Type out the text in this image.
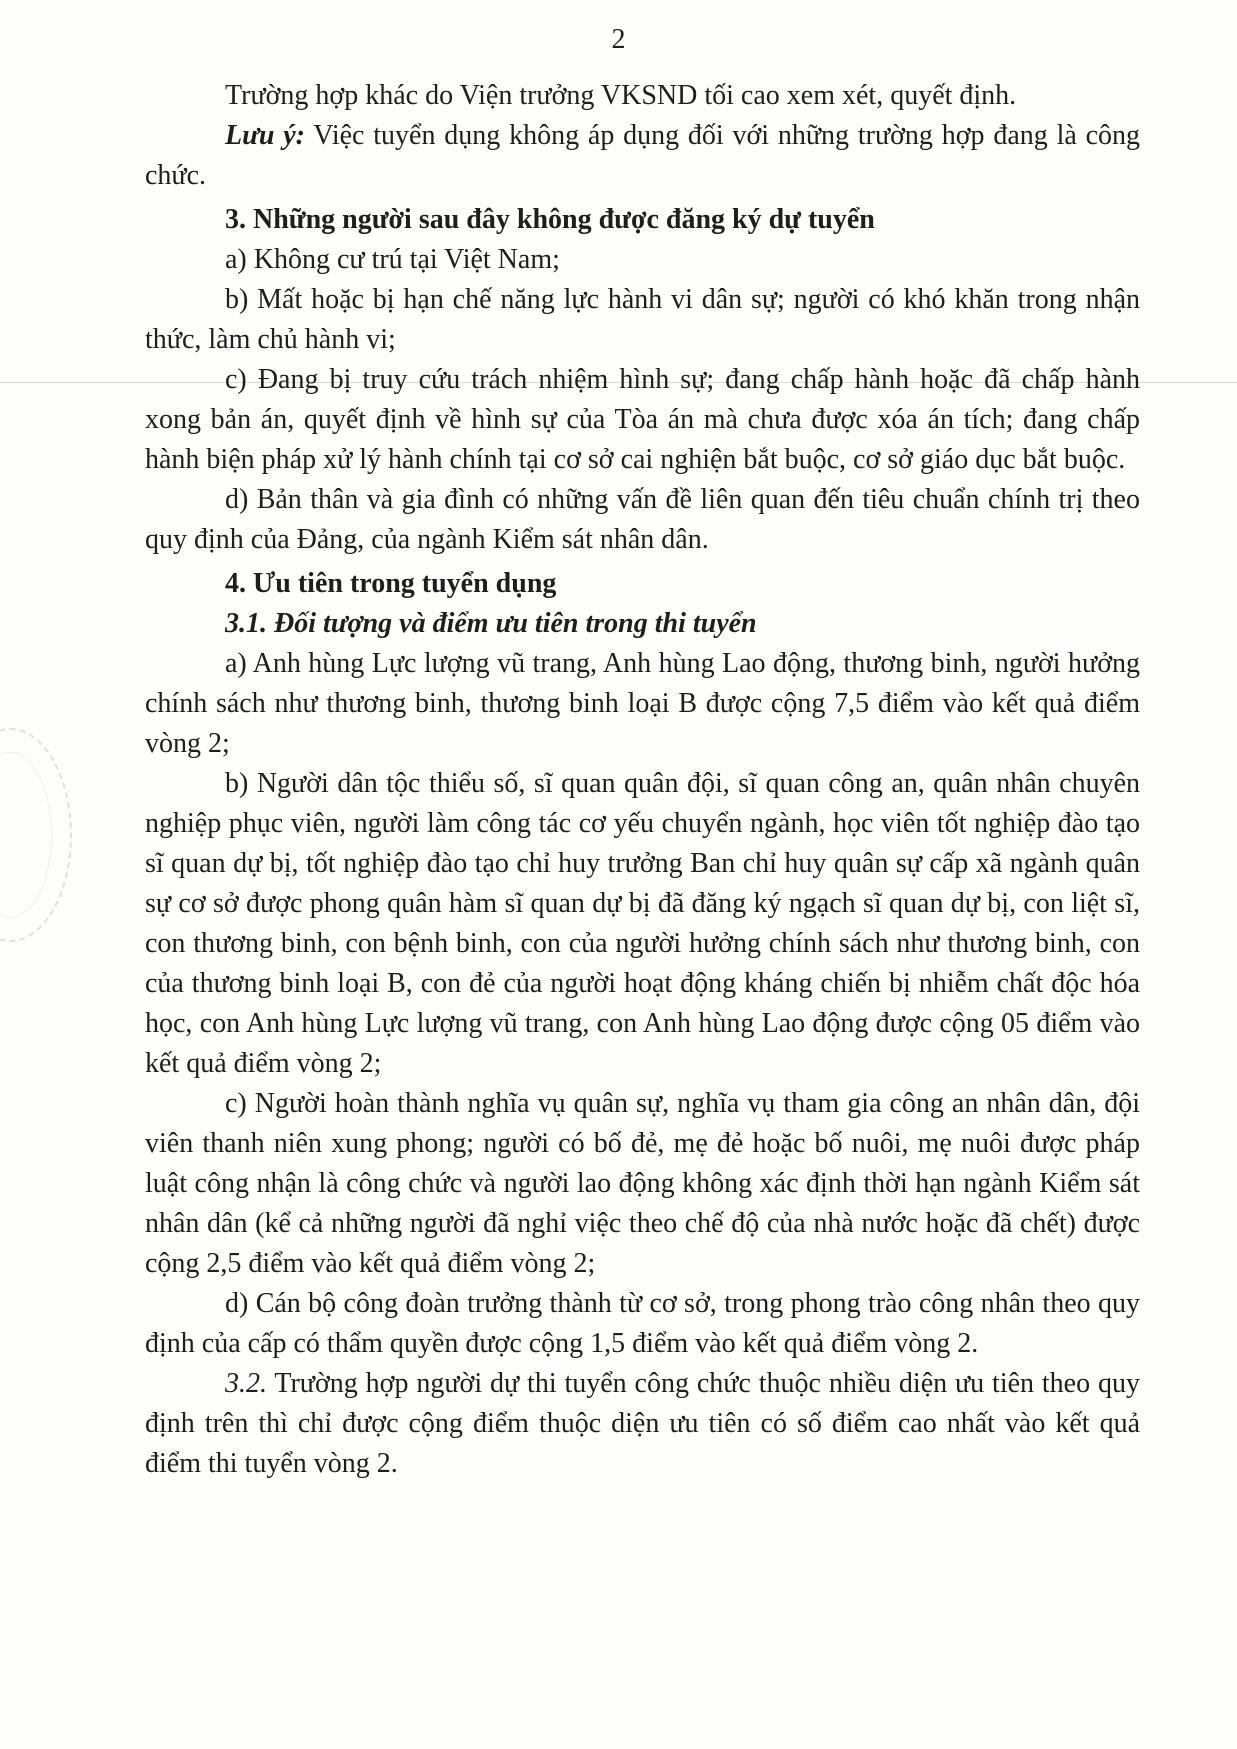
2

Trường hợp khác do Viện trưởng VKSND tối cao xem xét, quyết định.

Lưu ý: Việc tuyển dụng không áp dụng đối với những trường hợp đang là công chức.

3. Những người sau đây không được đăng ký dự tuyển

a) Không cư trú tại Việt Nam;

b) Mất hoặc bị hạn chế năng lực hành vi dân sự; người có khó khăn trong nhận thức, làm chủ hành vi;

c) Đang bị truy cứu trách nhiệm hình sự; đang chấp hành hoặc đã chấp hành xong bản án, quyết định về hình sự của Tòa án mà chưa được xóa án tích; đang chấp hành biện pháp xử lý hành chính tại cơ sở cai nghiện bắt buộc, cơ sở giáo dục bắt buộc.

d) Bản thân và gia đình có những vấn đề liên quan đến tiêu chuẩn chính trị theo quy định của Đảng, của ngành Kiểm sát nhân dân.

4. Ưu tiên trong tuyển dụng

3.1. Đối tượng và điểm ưu tiên trong thi tuyển

a) Anh hùng Lực lượng vũ trang, Anh hùng Lao động, thương binh, người hưởng chính sách như thương binh, thương binh loại B được cộng 7,5 điểm vào kết quả điểm vòng 2;

b) Người dân tộc thiểu số, sĩ quan quân đội, sĩ quan công an, quân nhân chuyên nghiệp phục viên, người làm công tác cơ yếu chuyển ngành, học viên tốt nghiệp đào tạo sĩ quan dự bị, tốt nghiệp đào tạo chỉ huy trưởng Ban chỉ huy quân sự cấp xã ngành quân sự cơ sở được phong quân hàm sĩ quan dự bị đã đăng ký ngạch sĩ quan dự bị, con liệt sĩ, con thương binh, con bệnh binh, con của người hưởng chính sách như thương binh, con của thương binh loại B, con đẻ của người hoạt động kháng chiến bị nhiễm chất độc hóa học, con Anh hùng Lực lượng vũ trang, con Anh hùng Lao động được cộng 05 điểm vào kết quả điểm vòng 2;

c) Người hoàn thành nghĩa vụ quân sự, nghĩa vụ tham gia công an nhân dân, đội viên thanh niên xung phong; người có bố đẻ, mẹ đẻ hoặc bố nuôi, mẹ nuôi được pháp luật công nhận là công chức và người lao động không xác định thời hạn ngành Kiểm sát nhân dân (kể cả những người đã nghỉ việc theo chế độ của nhà nước hoặc đã chết) được cộng 2,5 điểm vào kết quả điểm vòng 2;

d) Cán bộ công đoàn trưởng thành từ cơ sở, trong phong trào công nhân theo quy định của cấp có thẩm quyền được cộng 1,5 điểm vào kết quả điểm vòng 2.

3.2. Trường hợp người dự thi tuyển công chức thuộc nhiều diện ưu tiên theo quy định trên thì chỉ được cộng điểm thuộc diện ưu tiên có số điểm cao nhất vào kết quả điểm thi tuyển vòng 2.
